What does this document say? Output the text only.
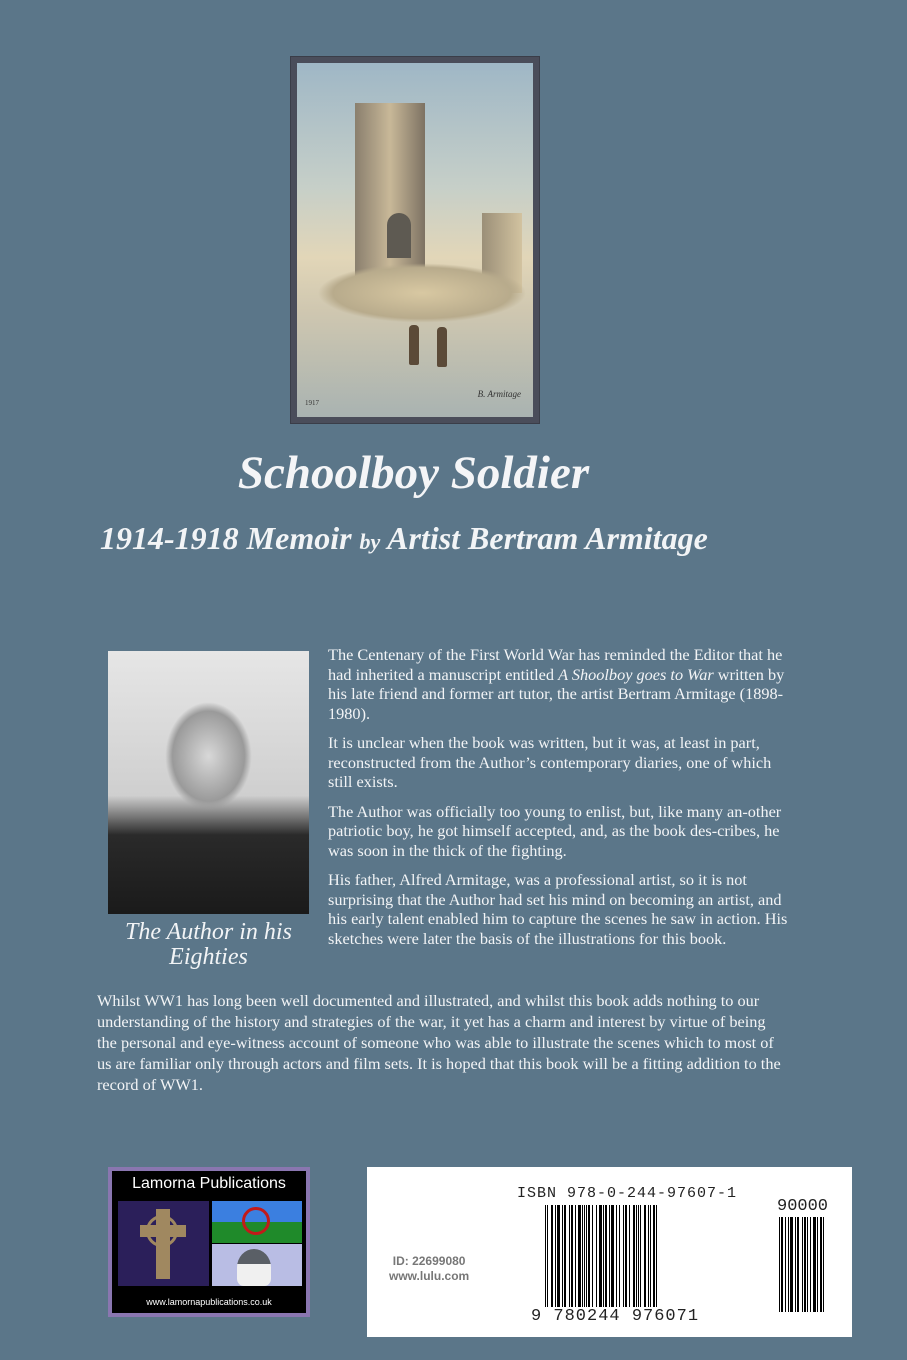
1917
B. Armitage
Schoolboy Soldier
1914-1918 Memoir by Artist Bertram Armitage
The Author in his Eighties

The Centenary of the First World War has reminded the Editor that he had inherited a manuscript entitled A Shoolboy goes to War written by his late friend and former art tutor, the artist Bertram Armitage (1898-1980).

It is unclear when the book was written, but it was, at least in part, reconstructed from the Author’s contemporary diaries, one of which still exists.

The Author was officially too young to enlist, but, like many an-other patriotic boy, he got himself accepted, and, as the book des-cribes, he was soon in the thick of the fighting.

His father, Alfred Armitage, was a professional artist, so it is not surprising that the Author had set his mind on becoming an artist, and his early talent enabled him to capture the scenes he saw in action. His sketches were later the basis of the illustrations for this book.

Whilst WW1 has long been well documented and illustrated, and whilst this book adds nothing to our understanding of the history and strategies of the war, it yet has a charm and interest by virtue of being the personal and eye-witness account of someone who was able to illustrate the scenes which to most of us are familiar only through actors and film sets. It is hoped that this book will be a fitting addition to the record of WW1.

Lamorna Publications
www.lamornapublications.co.uk
ISBN 978-0-244-97607-1
90000
9 780244 976071
ID: 22699080
www.lulu.com
